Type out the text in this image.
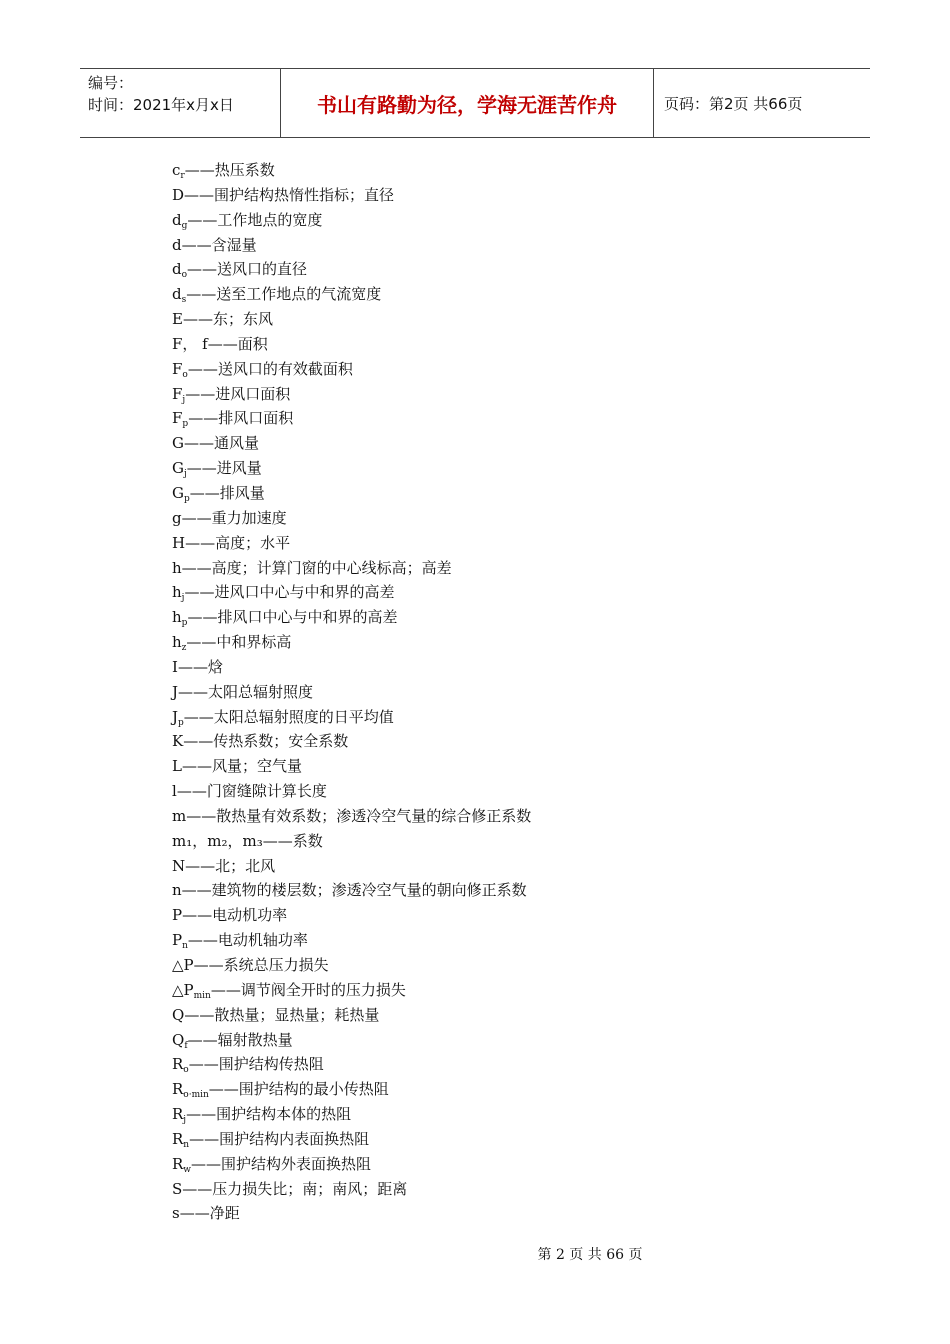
编号：
时间：2021年x月x日	书山有路勤为径，学海无涯苦作舟	页码：第2页 共66页
$c_r——$热压系数
D——围护结构热惰性指标；直径
$d_g——$工作地点的宽度
d——含湿量
$d_o——$送风口的直径
$d_s——$送至工作地点的气流宽度
E——东；东风
F， f——面积
$F_o——$送风口的有效截面积
$F_j——$进风口面积
$F_p——$排风口面积
G——通风量
$G_j——$进风量
$G_p——$排风量
g——重力加速度
H——高度；水平
h——高度；计算门窗的中心线标高；高差
$h_j——$进风口中心与中和界的高差
$h_p——$排风口中心与中和界的高差
$h_z——$中和界标高
I——焓
J——太阳总辐射照度
$J_p——$太阳总辐射照度的日平均值
K——传热系数；安全系数
L——风量；空气量
l——门窗缝隙计算长度
m——散热量有效系数；渗透冷空气量的综合修正系数
m₁，m₂，m₃——系数
N——北；北风
n——建筑物的楼层数；渗透冷空气量的朝向修正系数
P——电动机功率
$P_n——$电动机轴功率
△P——系统总压力损失
$\triangle P_{min}——$调节阀全开时的压力损失
Q——散热量；显热量；耗热量
$Q_f——$辐射散热量
$R_o——$围护结构传热阻
$R_{o\cdot min}——$围护结构的最小传热阻
$R_j——$围护结构本体的热阻
$R_n——$围护结构内表面换热阻
$R_w——$围护结构外表面换热阻
S——压力损失比；南；南风；距离
s——净距
第 2 页 共 66 页
